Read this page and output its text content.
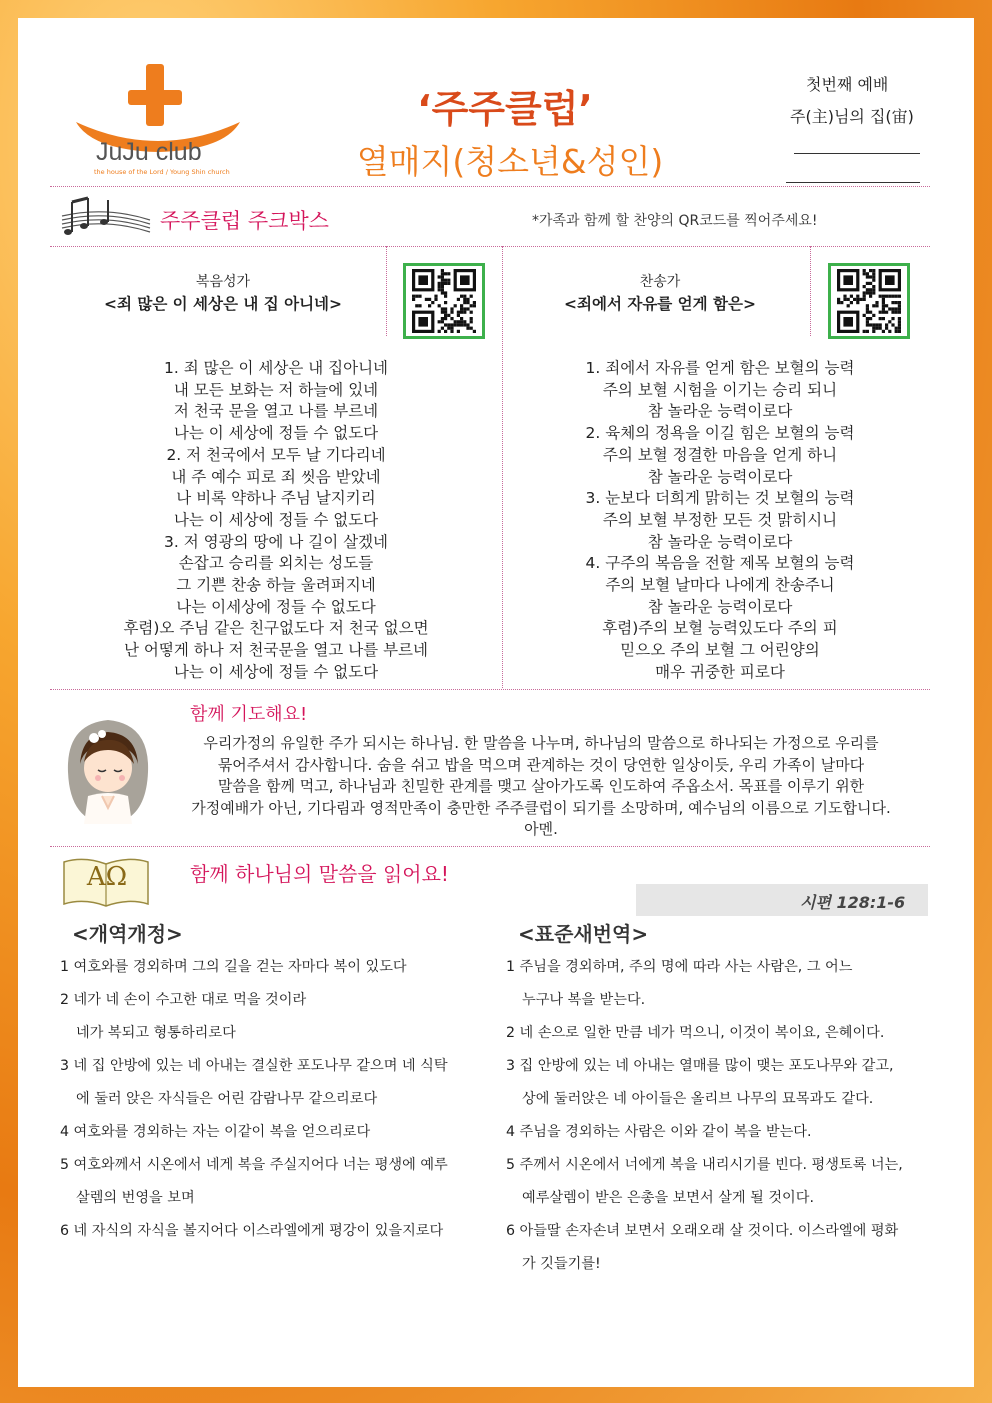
JuJu club
the house of the Lord / Young Shin church
‘주주클럽’
열매지(청소년&성인)
첫번째 예배
주(主)님의 집(宙)
주주클럽 주크박스	*가족과 함께 할 찬양의 QR코드를 찍어주세요!
복음성가
<죄 많은 이 세상은 내 집 아니네>
1. 죄 많은 이 세상은 내 집아니네
내 모든 보화는 저 하늘에 있네
저 천국 문을 열고 나를 부르네
나는 이 세상에 정들 수 없도다
2. 저 천국에서 모두 날 기다리네
내 주 예수 피로 죄 씻음 받았네
나 비록 약하나 주님 날지키리
나는 이 세상에 정들 수 없도다
3. 저 영광의 땅에 나 길이 살겠네
손잡고 승리를 외치는 성도들
그 기쁜 찬송 하늘 울려퍼지네
나는 이세상에 정들 수 없도다
후렴)오 주님 같은 친구없도다 저 천국 없으면
난 어떻게 하나 저 천국문을 열고 나를 부르네
나는 이 세상에 정들 수 없도다
찬송가
<죄에서 자유를 얻게 함은>
1. 죄에서 자유를 얻게 함은 보혈의 능력
주의 보혈 시험을 이기는 승리 되니
참 놀라운 능력이로다
2. 육체의 정욕을 이길 힘은 보혈의 능력
주의 보혈 정결한 마음을 얻게 하니
참 놀라운 능력이로다
3. 눈보다 더희게 맑히는 것 보혈의 능력
주의 보혈 부정한 모든 것 맑히시니
참 놀라운 능력이로다
4. 구주의 복음을 전할 제목 보혈의 능력
주의 보혈 날마다 나에게 찬송주니
참 놀라운 능력이로다
후렴)주의 보혈 능력있도다 주의 피
믿으오 주의 보혈 그 어린양의
매우 귀중한 피로다
함께 기도해요!
우리가정의 유일한 주가 되시는 하나님. 한 말씀을 나누며, 하나님의 말씀으로 하나되는 가정으로 우리를
묶어주셔서 감사합니다. 숨을 쉬고 밥을 먹으며 관계하는 것이 당연한 일상이듯, 우리 가족이 날마다
말씀을 함께 먹고, 하나님과 친밀한 관계를 맺고 살아가도록 인도하여 주옵소서. 목표를 이루기 위한
가정예배가 아닌, 기다림과 영적만족이 충만한 주주클럽이 되기를 소망하며, 예수님의 이름으로 기도합니다.
아멘.
AΩ	함께 하나님의 말씀을 읽어요!
시편 128:1-6
<개역개정>
1 여호와를 경외하며 그의 길을 걷는 자마다 복이 있도다
2 네가 네 손이 수고한 대로 먹을 것이라
네가 복되고 형통하리로다
3 네 집 안방에 있는 네 아내는 결실한 포도나무 같으며 네 식탁
에 둘러 앉은 자식들은 어린 감람나무 같으리로다
4 여호와를 경외하는 자는 이같이 복을 얻으리로다
5 여호와께서 시온에서 네게 복을 주실지어다 너는 평생에 예루
살렘의 번영을 보며
6 네 자식의 자식을 볼지어다 이스라엘에게 평강이 있을지로다
<표준새번역>
1 주님을 경외하며, 주의 명에 따라 사는 사람은, 그 어느
누구나 복을 받는다.
2 네 손으로 일한 만큼 네가 먹으니, 이것이 복이요, 은혜이다.
3 집 안방에 있는 네 아내는 열매를 많이 맺는 포도나무와 같고,
상에 둘러앉은 네 아이들은 올리브 나무의 묘목과도 같다.
4 주님을 경외하는 사람은 이와 같이 복을 받는다.
5 주께서 시온에서 너에게 복을 내리시기를 빈다. 평생토록 너는,
예루살렘이 받은 은총을 보면서 살게 될 것이다.
6 아들딸 손자손녀 보면서 오래오래 살 것이다. 이스라엘에 평화
가 깃들기를!
